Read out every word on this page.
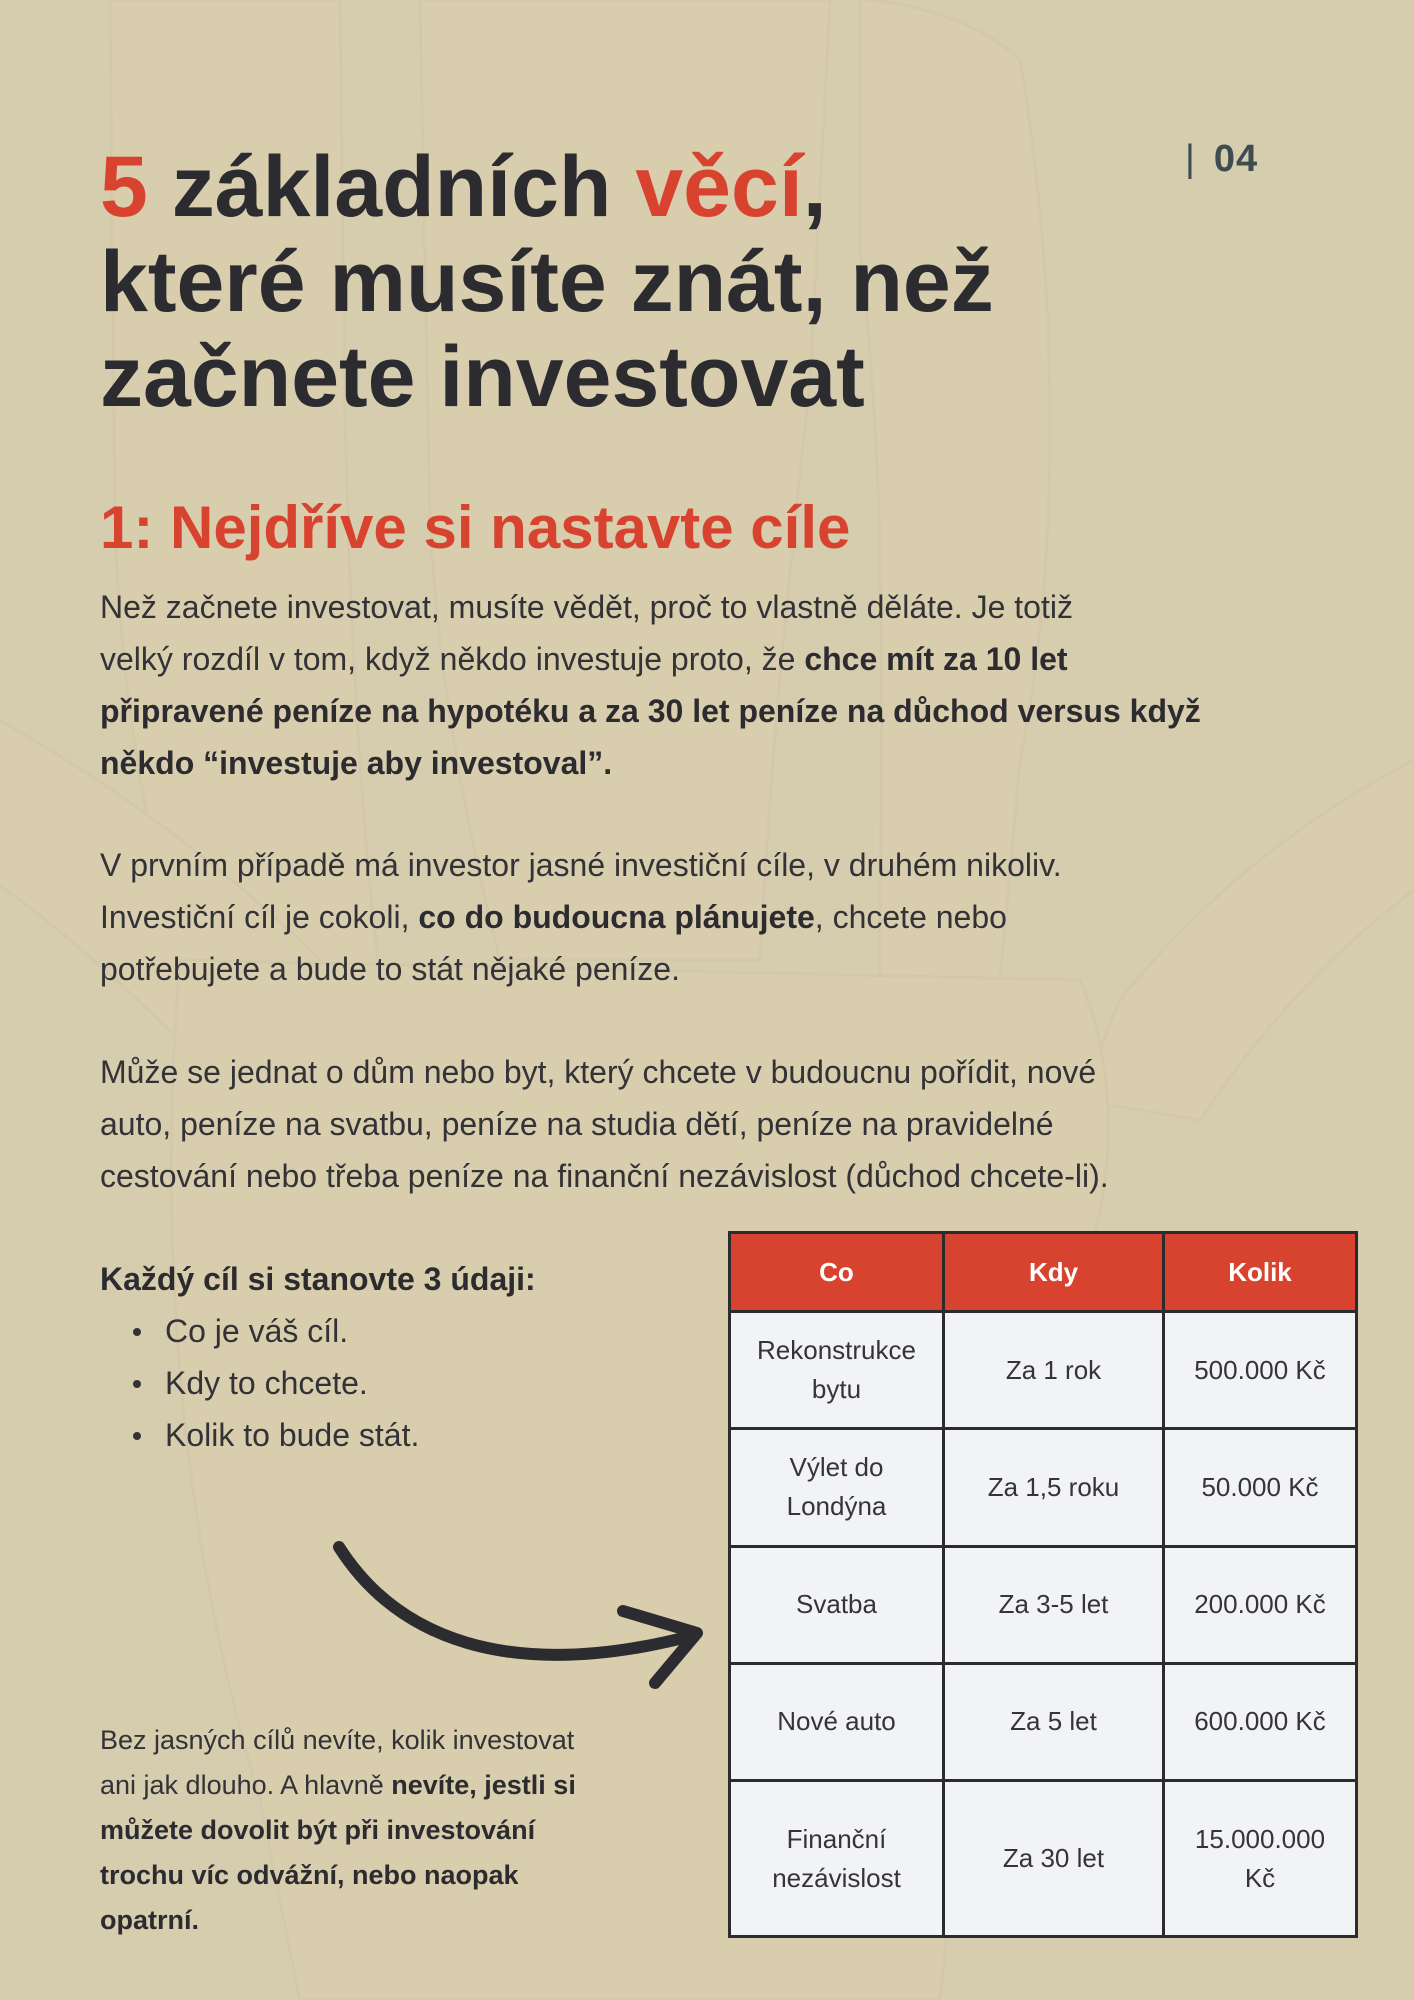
| 04
5 základních věcí,
které musíte znát, než
začnete investovat
1: Nejdříve si nastavte cíle

Než začnete investovat, musíte vědět, proč to vlastně děláte. Je totiž
velký rozdíl v tom, když někdo investuje proto, že chce mít za 10 let
připravené peníze na hypotéku a za 30 let peníze na důchod versus když
někdo “investuje aby investoval”.

V prvním případě má investor jasné investiční cíle, v druhém nikoliv.
Investiční cíl je cokoli, co do budoucna plánujete, chcete nebo
potřebujete a bude to stát nějaké peníze.

Může se jednat o dům nebo byt, který chcete v budoucnu pořídit, nové
auto, peníze na svatbu, peníze na studia dětí, peníze na pravidelné
cestování nebo třeba peníze na finanční nezávislost (důchod chcete-li).

Každý cíl si stanovte 3 údaji:

Co je váš cíl.
Kdy to chcete.
Kolik to bude stát.

Bez jasných cílů nevíte, kolik investovat
ani jak dlouho. A hlavně nevíte, jestli si
můžete dovolit být při investování
trochu víc odvážní, nebo naopak
opatrní.

Co	Kdy	Kolik

Rekonstrukce
bytu	Za 1 rok	500.000 Kč

Výlet do
Londýna	Za 1,5 roku	50.000 Kč

Svatba	Za 3-5 let	200.000 Kč

Nové auto	Za 5 let	600.000 Kč

Finanční
nezávislost	Za 30 let	15.000.000
Kč
